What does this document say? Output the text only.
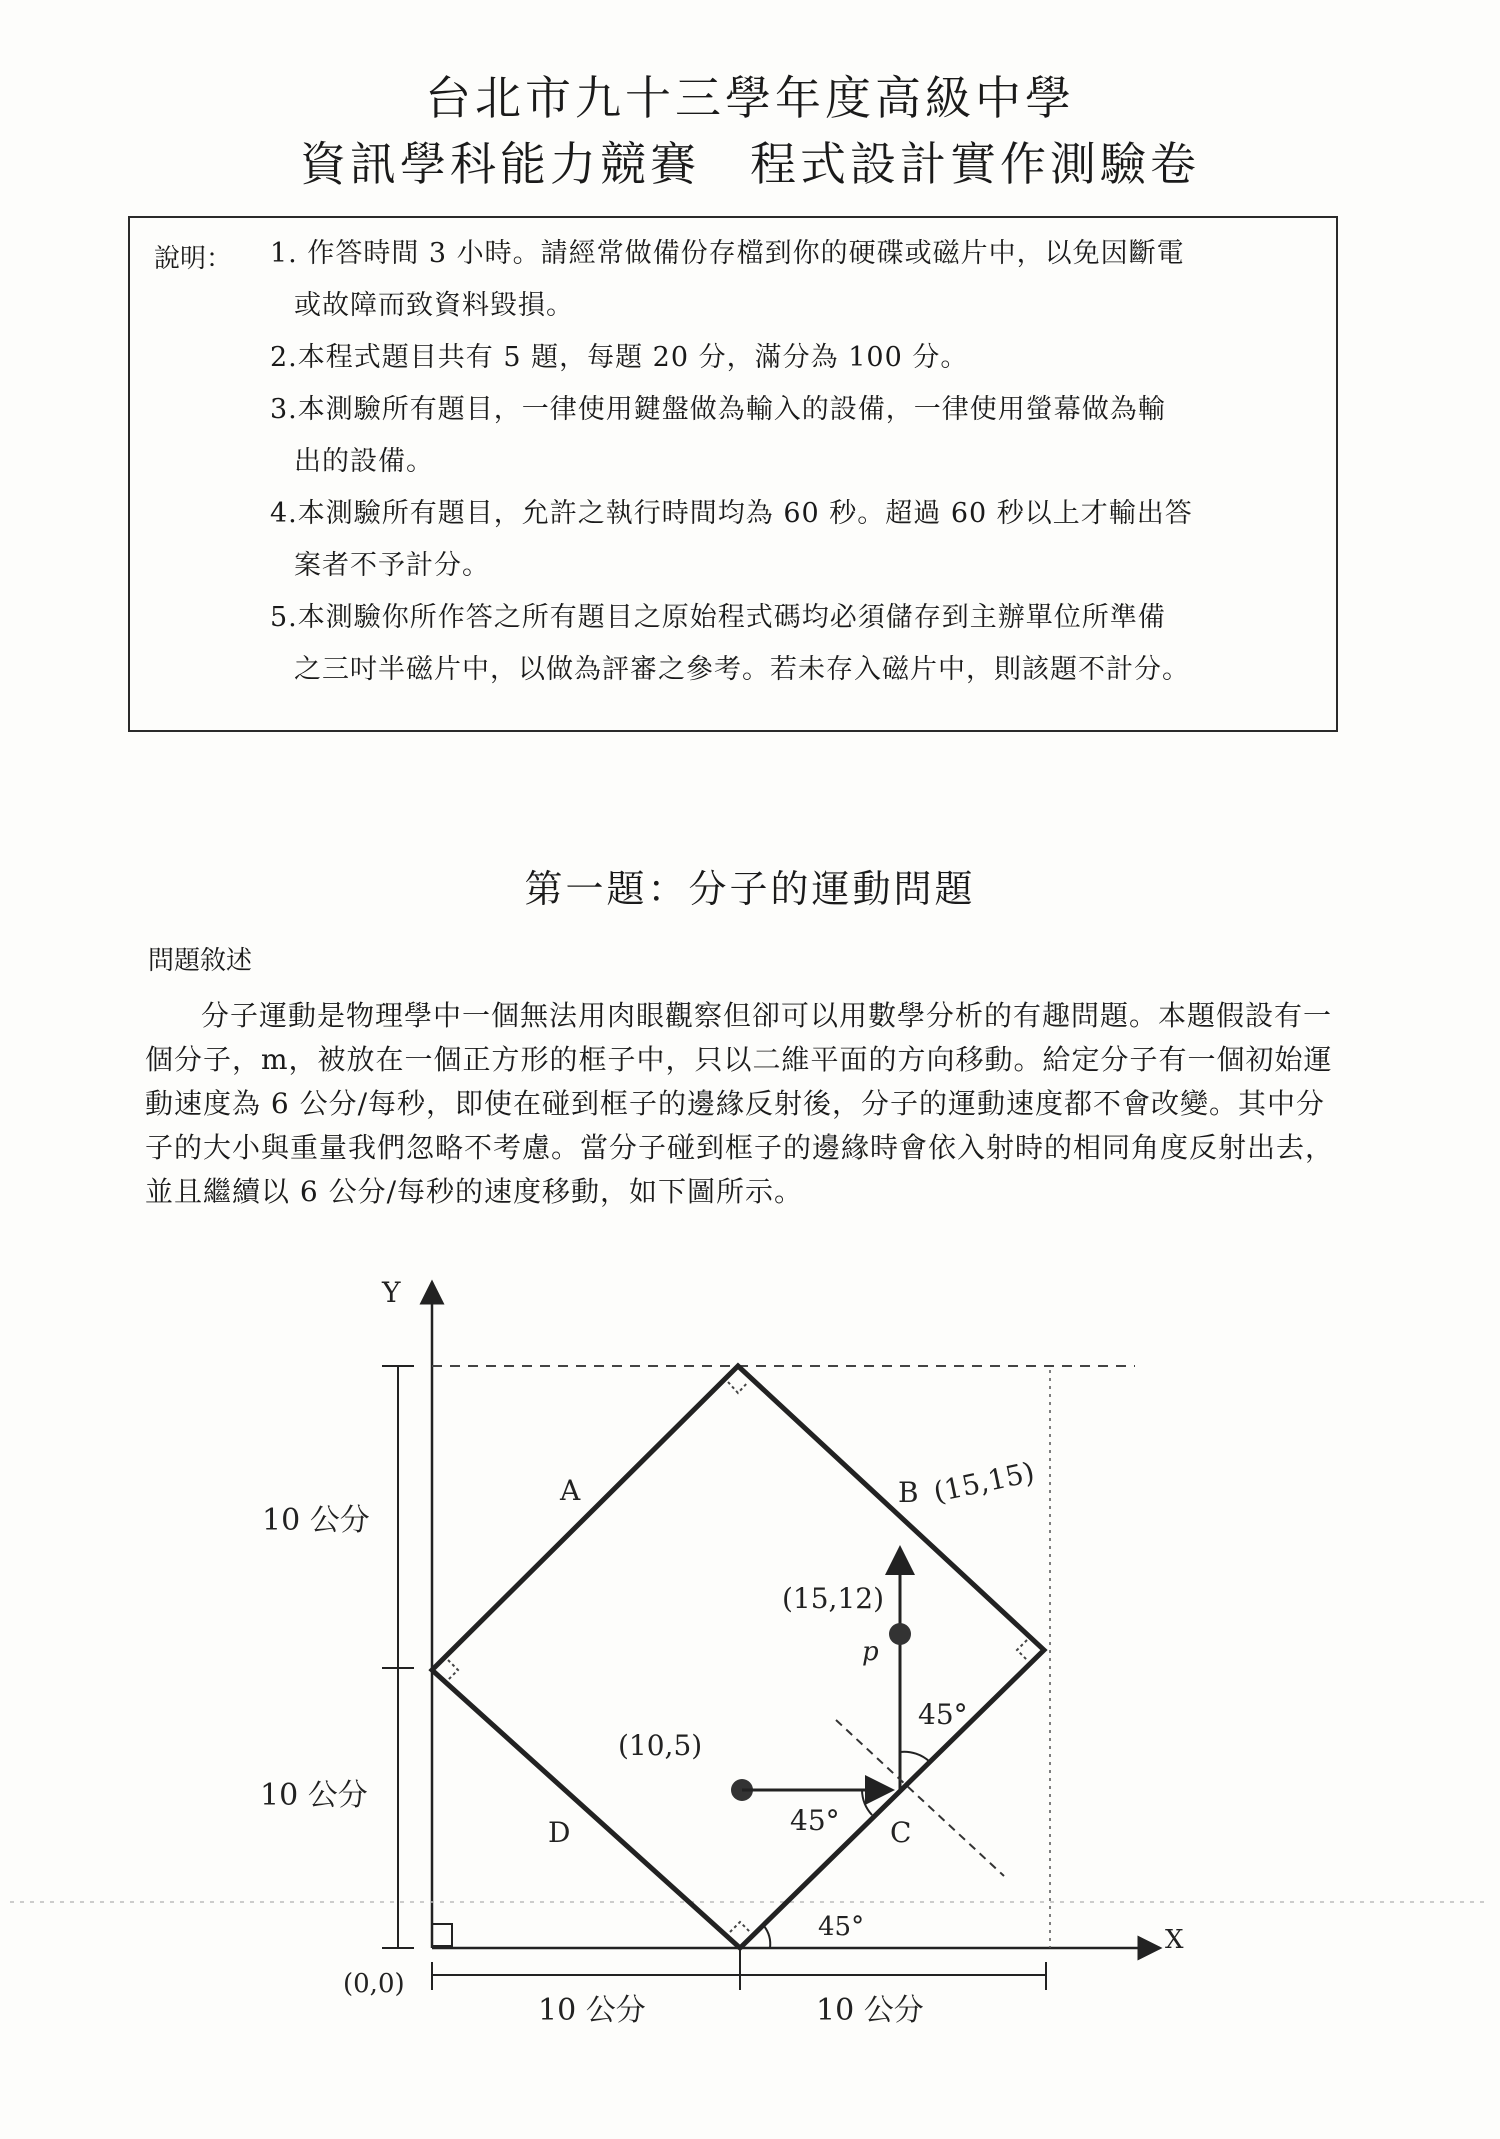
台北市九十三學年度高級中學
資訊學科能力競賽　程式設計實作測驗卷
說明： 1. 作答時間 3 小時。請經常做備份存檔到你的硬碟或磁片中，以免因斷電
或故障而致資料毀損。
2.本程式題目共有 5 題，每題 20 分，滿分為 100 分。
3.本測驗所有題目，一律使用鍵盤做為輸入的設備，一律使用螢幕做為輸
出的設備。
4.本測驗所有題目，允許之執行時間均為 60 秒。超過 60 秒以上才輸出答
案者不予計分。
5.本測驗你所作答之所有題目之原始程式碼均必須儲存到主辦單位所準備
之三吋半磁片中，以做為評審之參考。若未存入磁片中，則該題不計分。
第一題：分子的運動問題
問題敘述
分子運動是物理學中一個無法用肉眼觀察但卻可以用數學分析的有趣問題。本題假設有一個分子，m，被放在一個正方形的框子中，只以二維平面的方向移動。給定分子有一個初始運動速度為 6 公分/每秒，即使在碰到框子的邊緣反射後，分子的運動速度都不會改變。其中分子的大小與重量我們忽略不考慮。當分子碰到框子的邊緣時會依入射時的相同角度反射出去，並且繼續以 6 公分/每秒的速度移動，如下圖所示。
Y
X
(0,0)
10 公分
10 公分
10 公分	10 公分
A	B (15,15)
C
D
(10,5)
(15,12)
p
45°
45°
45°
